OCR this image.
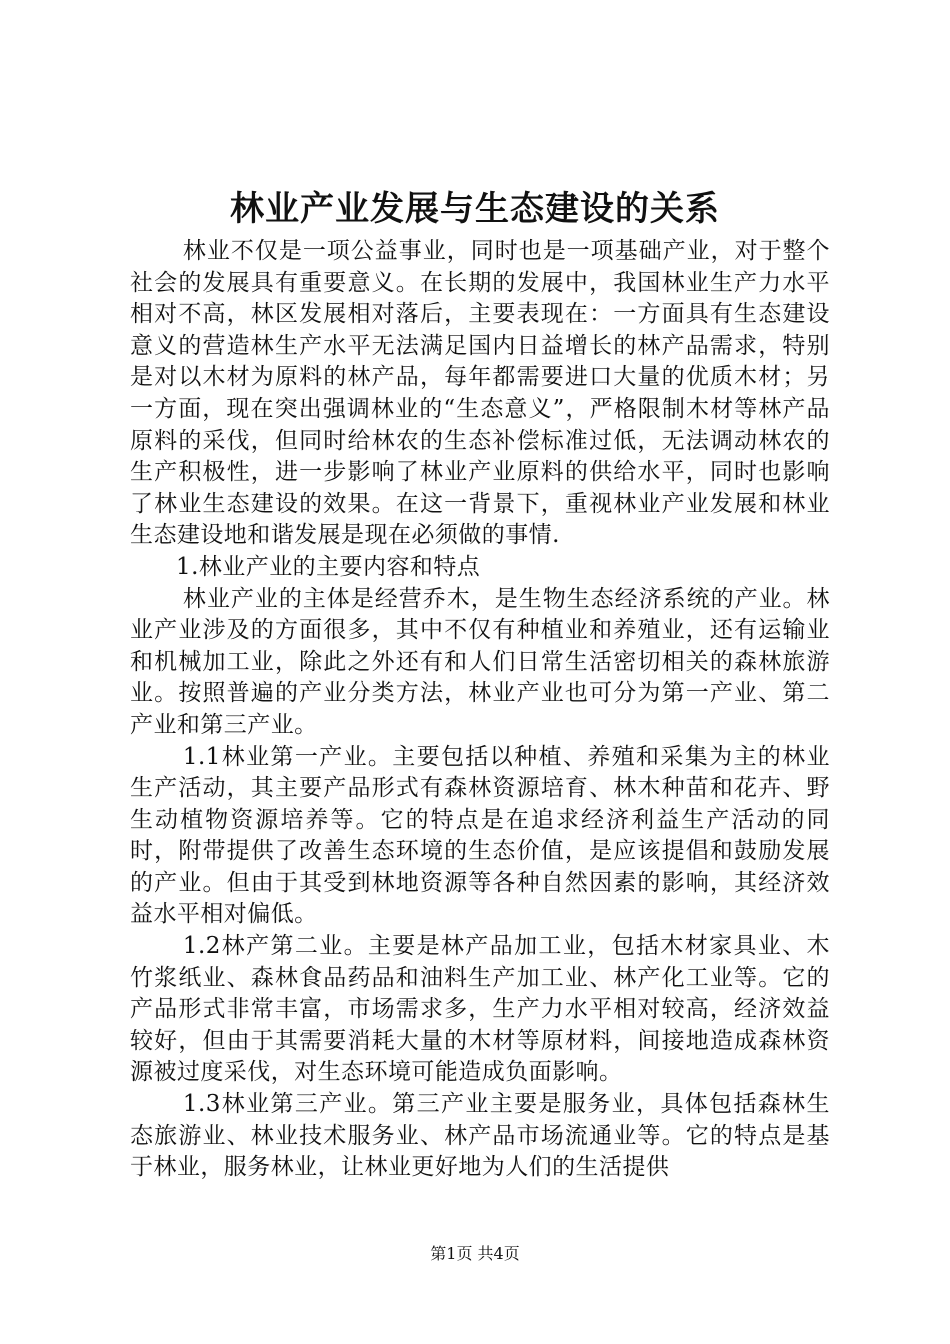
林业产业发展与生态建设的关系

林业不仅是一项公益事业，同时也是一项基础产业，对于整个社会的发展具有重要意义。在长期的发展中，我国林业生产力水平相对不高，林区发展相对落后，主要表现在：一方面具有生态建设意义的营造林生产水平无法满足国内日益增长的林产品需求，特别是对以木材为原料的林产品，每年都需要进口大量的优质木材；另一方面，现在突出强调林业的“生态意义”，严格限制木材等林产品原料的采伐，但同时给林农的生态补偿标准过低，无法调动林农的生产积极性，进一步影响了林业产业原料的供给水平，同时也影响了林业生态建设的效果。在这一背景下，重视林业产业发展和林业生态建设地和谐发展是现在必须做的事情.

1.林业产业的主要内容和特点

林业产业的主体是经营乔木，是生物生态经济系统的产业。林业产业涉及的方面很多，其中不仅有种植业和养殖业，还有运输业和机械加工业，除此之外还有和人们日常生活密切相关的森林旅游业。按照普遍的产业分类方法，林业产业也可分为第一产业、第二产业和第三产业。

1.1林业第一产业。主要包括以种植、养殖和采集为主的林业生产活动，其主要产品形式有森林资源培育、林木种苗和花卉、野生动植物资源培养等。它的特点是在追求经济利益生产活动的同时，附带提供了改善生态环境的生态价值，是应该提倡和鼓励发展的产业。但由于其受到林地资源等各种自然因素的影响，其经济效益水平相对偏低。

1.2林产第二业。主要是林产品加工业，包括木材家具业、木竹浆纸业、森林食品药品和油料生产加工业、林产化工业等。它的产品形式非常丰富，市场需求多，生产力水平相对较高，经济效益较好，但由于其需要消耗大量的木材等原材料，间接地造成森林资源被过度采伐，对生态环境可能造成负面影响。

1.3林业第三产业。第三产业主要是服务业，具体包括森林生态旅游业、林业技术服务业、林产品市场流通业等。它的特点是基于林业，服务林业，让林业更好地为人们的生活提供

第1页 共4页
